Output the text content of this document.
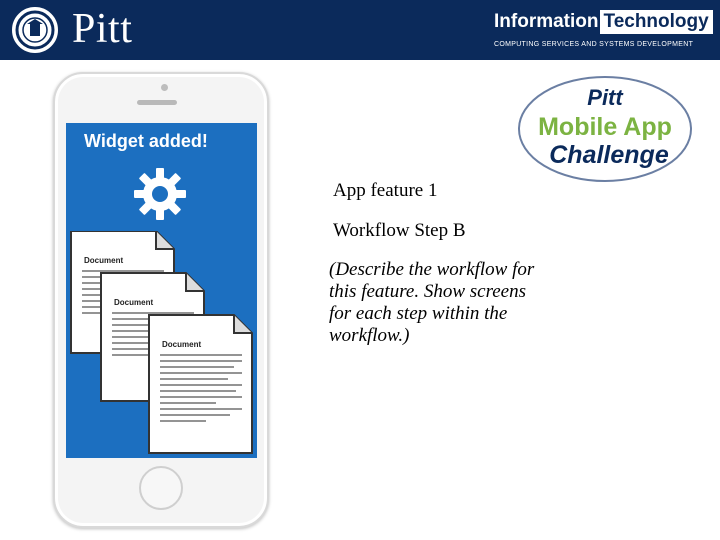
Pitt	Information Technology
COMPUTING SERVICES AND SYSTEMS DEVELOPMENT
Widget added!
Document
Document
Document
Pitt
Mobile App
Challenge
App feature 1
Workflow Step B
(Describe the workflow for
this feature. Show screens
for each step within the
workflow.)
